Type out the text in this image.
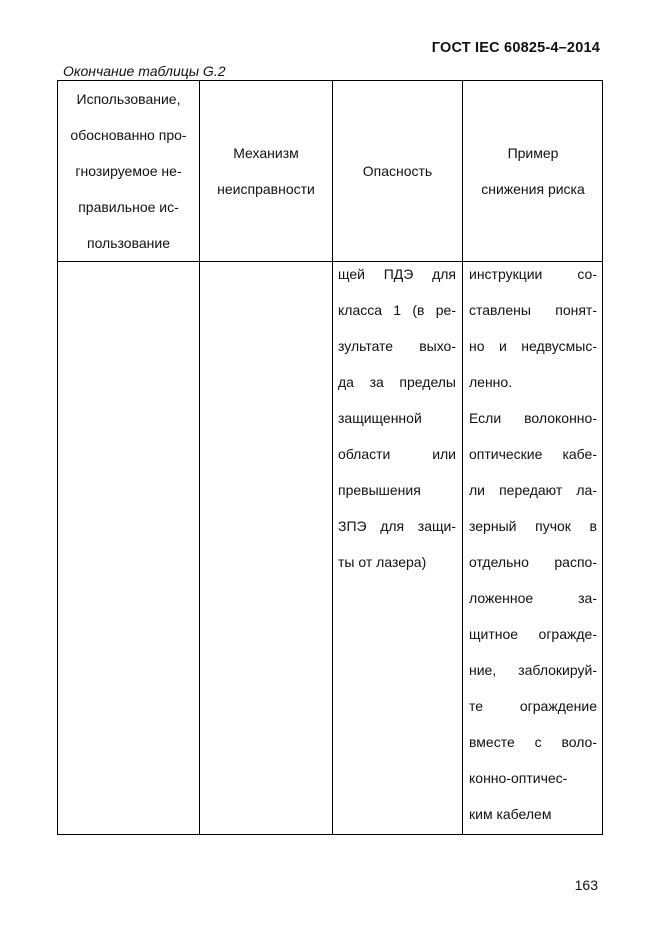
ГОСТ IEC 60825-4–2014
Окончание таблицы G.2
Использование,
обоснованно про-
гнозируемое не-
правильное ис-
пользование
Механизм
неисправности
Опасность
Пример
снижения риска
щей ПДЭ для
класса 1 (в ре-
зультате выхо-
да за пределы
защищенной
области или
превышения
ЗПЭ для защи-
ты от лазера)
инструкции со-
ставлены понят-
но и недвусмыс-
ленно.
Если волоконно-
оптические кабе-
ли передают ла-
зерный пучок в
отдельно распо-
ложенное за-
щитное огражде-
ние, заблокируй-
те ограждение
вместе с воло-
конно-оптичес-
ким кабелем
163
